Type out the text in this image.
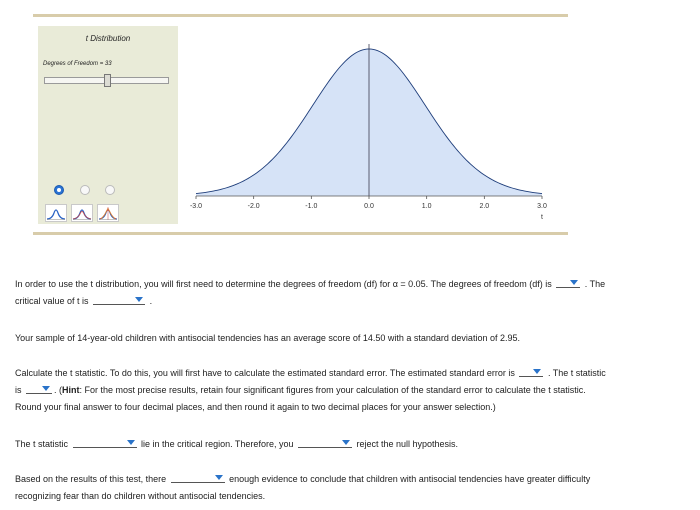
t Distribution
Degrees of Freedom = 33
-3.0	-2.0	-1.0	0.0	1.0	2.0	3.0
t
In order to use the t distribution, you will first need to determine the degrees of freedom (df) for α = 0.05. The degrees of freedom (df) is	. The
critical value of t is	.
Your sample of 14-year-old children with antisocial tendencies has an average score of 14.50 with a standard deviation of 2.95.
Calculate the t statistic. To do this, you will first have to calculate the estimated standard error. The estimated standard error is	. The t statistic
is	. (Hint: For the most precise results, retain four significant figures from your calculation of the standard error to calculate the t statistic.
Round your final answer to four decimal places, and then round it again to two decimal places for your answer selection.)
The t statistic	lie in the critical region. Therefore, you	reject the null hypothesis.
Based on the results of this test, there	enough evidence to conclude that children with antisocial tendencies have greater difficulty
recognizing fear than do children without antisocial tendencies.
